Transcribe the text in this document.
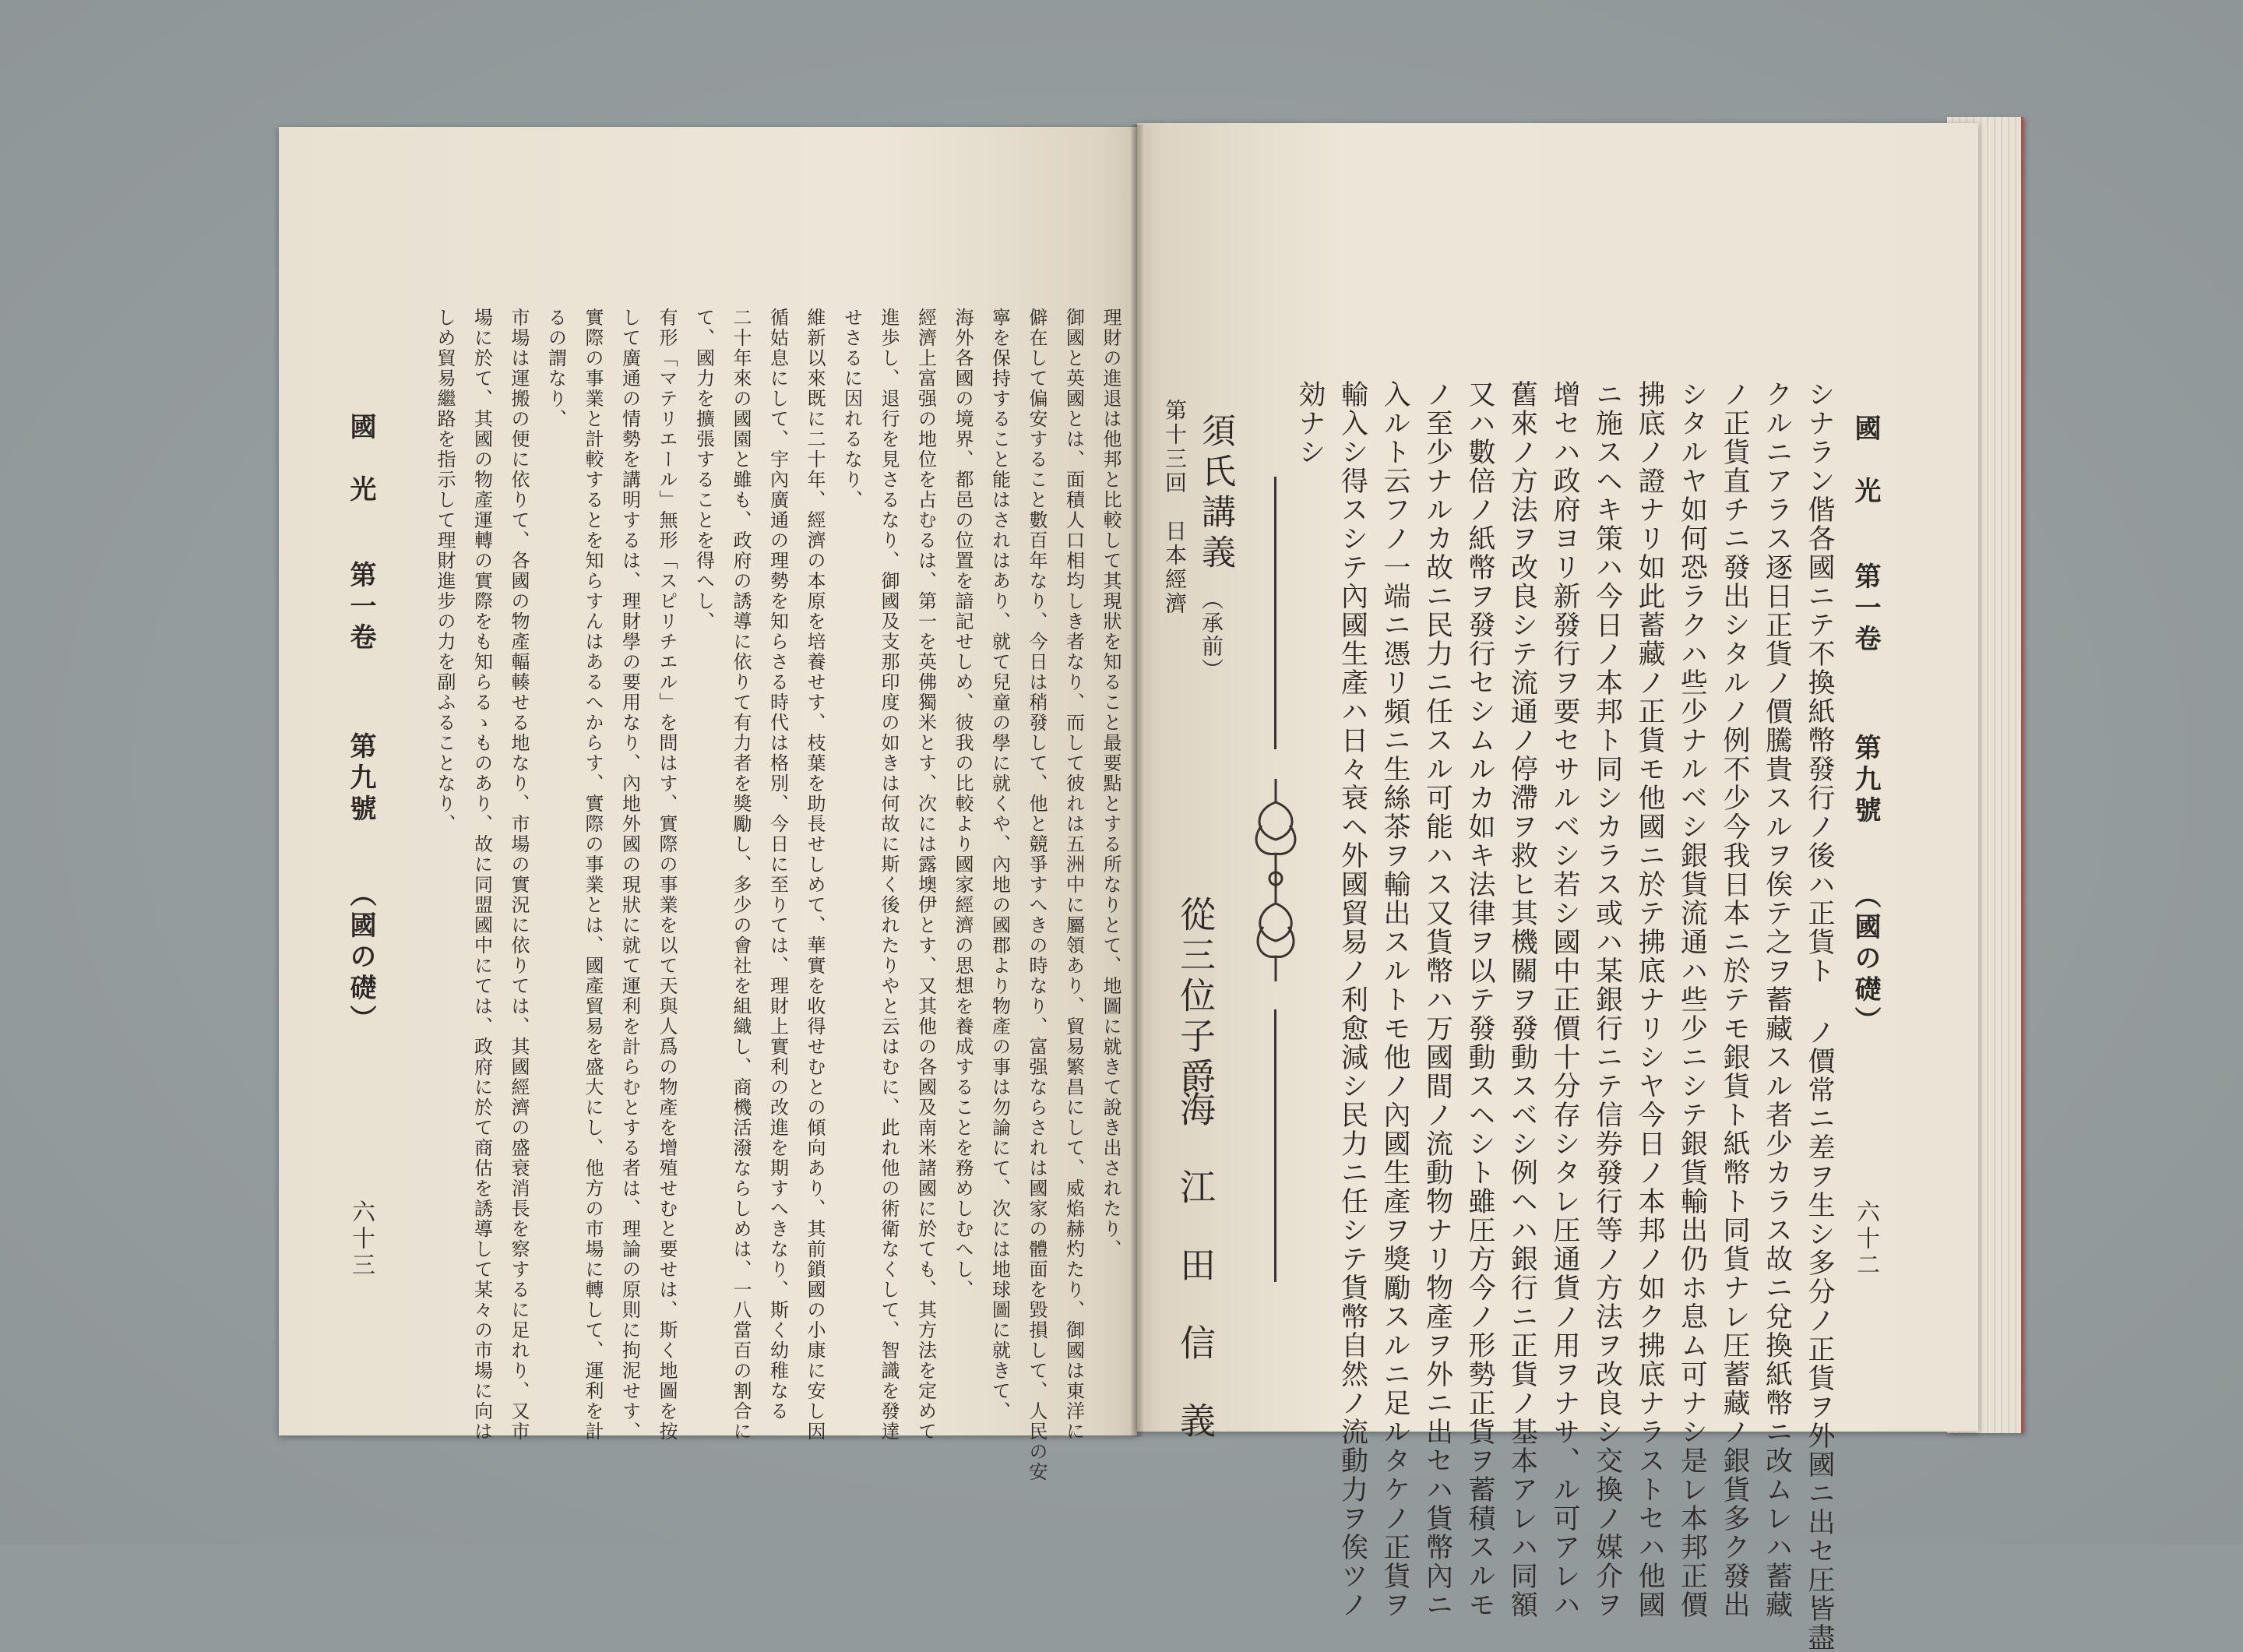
理財の進退は他邦と比較して其現狀を知ること最要點とする所なりとて、地圖に就きて說き出されたり、
御國と英國とは、面積人口相均しき者なり、而して彼れは五洲中に屬領あり、貿易繁昌にして、威焰赫灼たり、御國は東洋に
僻在して偏安すること數百年なり、今日は稍發して、他と競爭すへきの時なり、富强ならされは國家の體面を毀損して、人民の安
寧を保持すること能はされはあり、就て兒童の學に就くや、內地の國郡より物產の事は勿論にて、次には地球圖に就きて、
海外各國の境界、都邑の位置を諳記せしめ、彼我の比較より國家經濟の思想を養成することを務めしむへし、
經濟上富强の地位を占むるは、第一を英佛獨米とす、次には露墺伊とす、又其他の各國及南米諸國に於ても、其方法を定めて
進歩し、退行を見さるなり、御國及支那印度の如きは何故に斯く後れたりやと云はむに、此れ他の術衛なくして、智識を發達
せさるに因れるなり、
維新以來既に二十年、經濟の本原を培養せす、枝葉を助長せしめて、華實を收得せむとの傾向あり、其前鎖國の小康に安し因
循姑息にして、宇內廣通の理勢を知らさる時代は格別、今日に至りては、理財上實利の改進を期すへきなり、斯く幼稚なる
二十年來の國園と雖も、政府の誘導に依りて有力者を獎勵し、多少の會社を組織し、商機活潑ならしめは、一八當百の割合に
て、國力を擴張することを得へし、
有形「マテリエール」無形「スピリチエル」を問はす、實際の事業を以て天與人爲の物產を增殖せむと要せは、斯く地圖を按
して廣通の情勢を講明するは、理財學の要用なり、內地外國の現狀に就て運利を計らむとする者は、理論の原則に拘泥せす、
實際の事業と計較するとを知らすんはあるへからす、實際の事業とは、國產貿易を盛大にし、他方の市場に轉して、運利を計
るの謂なり、
市場は運搬の便に依りて、各國の物產輻輳せる地なり、市場の實況に依りては、其國經濟の盛衰消長を察するに足れり、又市
場に於て、其國の物產運轉の實際をも知らるゝものあり、故に同盟國中にては、政府に於て商估を誘導して某々の市場に向は
しめ貿易繼路を指示して理財進步の力を副ふることなり、
國　光
第一卷
第九號
（國の礎）
六十三
國　光
第一卷
第九號
（國の礎）
六十二
シナラン偕各國ニテ不換紙幣發行ノ後ハ正貨ト ノ價常ニ差ヲ生シ多分ノ正貨ヲ外國ニ出セ圧皆盡
クルニアラス逐日正貨ノ價騰貴スルヲ俟テ之ヲ蓄藏スル者少カラス故ニ兌換紙幣ニ改ムレハ蓄藏
ノ正貨直チニ發出シタルノ例不少今我日本ニ於テモ銀貨ト紙幣ト同貨ナレ圧蓄藏ノ銀貨多ク發出
シタルヤ如何恐ラクハ些少ナルベシ銀貨流通ハ些少ニシテ銀貨輸出仍ホ息ム可ナシ是レ本邦正價
拂底ノ證ナリ如此蓄藏ノ正貨モ他國ニ於テ拂底ナリシヤ今日ノ本邦ノ如ク拂底ナラストセハ他國
ニ施スヘキ策ハ今日ノ本邦ト同シカラス或ハ某銀行ニテ信券發行等ノ方法ヲ改良シ交換ノ媒介ヲ
增セハ政府ヨリ新發行ヲ要セサルベシ若シ國中正價十分存シタレ圧通貨ノ用ヲナサ、ル可アレハ
舊來ノ方法ヲ改良シテ流通ノ停滯ヲ救ヒ其機關ヲ發動スベシ例ヘハ銀行ニ正貨ノ基本アレハ同額
又ハ數倍ノ紙幣ヲ發行セシムルカ如キ法律ヲ以テ發動スヘシト雖圧方今ノ形勢正貨ヲ蓄積スルモ
ノ至少ナルカ故ニ民力ニ任スル可能ハス又貨幣ハ万國間ノ流動物ナリ物產ヲ外ニ出セハ貨幣內ニ
入ルト云フノ一端ニ憑リ頻ニ生絲茶ヲ輸出スルトモ他ノ內國生產ヲ獎勵スルニ足ルタケノ正貨ヲ
輸入シ得スシテ內國生產ハ日々衰ヘ外國貿易ノ利愈減シ民力ニ任シテ貨幣自然ノ流動力ヲ俟ツノ
効ナシ
須氏講義
（承前）
第十三回　日本經濟
從三位子爵
海　江　田　信　義
